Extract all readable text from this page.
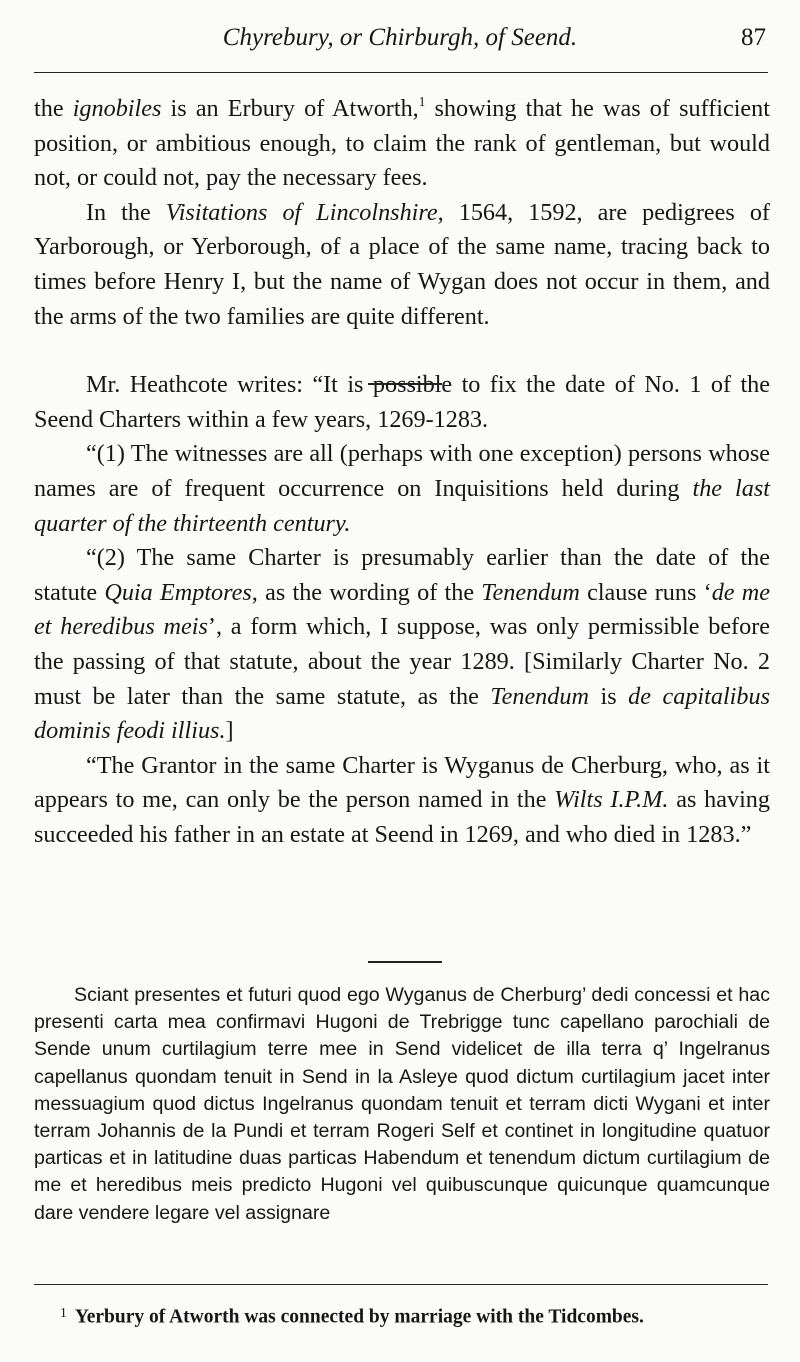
Chyrebury, or Chirburgh, of Seend.	87

the ignobiles is an Erbury of Atworth,$^1$ showing that he was of sufficient position, or ambitious enough, to claim the rank of gentleman, but would not, or could not, pay the necessary fees.

In the Visitations of Lincolnshire, 1564, 1592, are pedigrees of Yarborough, or Yerborough, of a place of the same name, tracing back to times before Henry I, but the name of Wygan does not occur in them, and the arms of the two families are quite different.

Mr. Heathcote writes: “It is possible to fix the date of No. 1 of the Seend Charters within a few years, 1269-1283.

“(1) The witnesses are all (perhaps with one exception) persons whose names are of frequent occurrence on Inquisitions held during the last quarter of the thirteenth century.

“(2) The same Charter is presumably earlier than the date of the statute Quia Emptores, as the wording of the Tenendum clause runs ‘de me et heredibus meis’, a form which, I suppose, was only permissible before the passing of that statute, about the year 1289. [Similarly Charter No. 2 must be later than the same statute, as the Tenendum is de capitalibus dominis feodi illius.]

“The Grantor in the same Charter is Wyganus de Cherburg, who, as it appears to me, can only be the person named in the Wilts I.P.M. as having succeeded his father in an estate at Seend in 1269, and who died in 1283.”

Sciant presentes et futuri quod ego Wyganus de Cherburg’ dedi concessi et hac presenti carta mea confirmavi Hugoni de Trebrigge tunc capellano parochiali de Sende unum curtilagium terre mee in Send videlicet de illa terra q’ Ingelranus capellanus quondam tenuit in Send in la Asleye quod dictum curtilagium jacet inter messuagium quod dictus Ingelranus quondam tenuit et terram dicti Wygani et inter terram Johannis de la Pundi et terram Rogeri Self et continet in longitudine quatuor particas et in latitudine duas particas Habendum et tenendum dictum curtilagium de me et heredibus meis predicto Hugoni vel quibuscunque quicunque quamcunque dare vendere legare vel assignare

$^1$ Yerbury of Atworth was connected by marriage with the Tidcombes.
